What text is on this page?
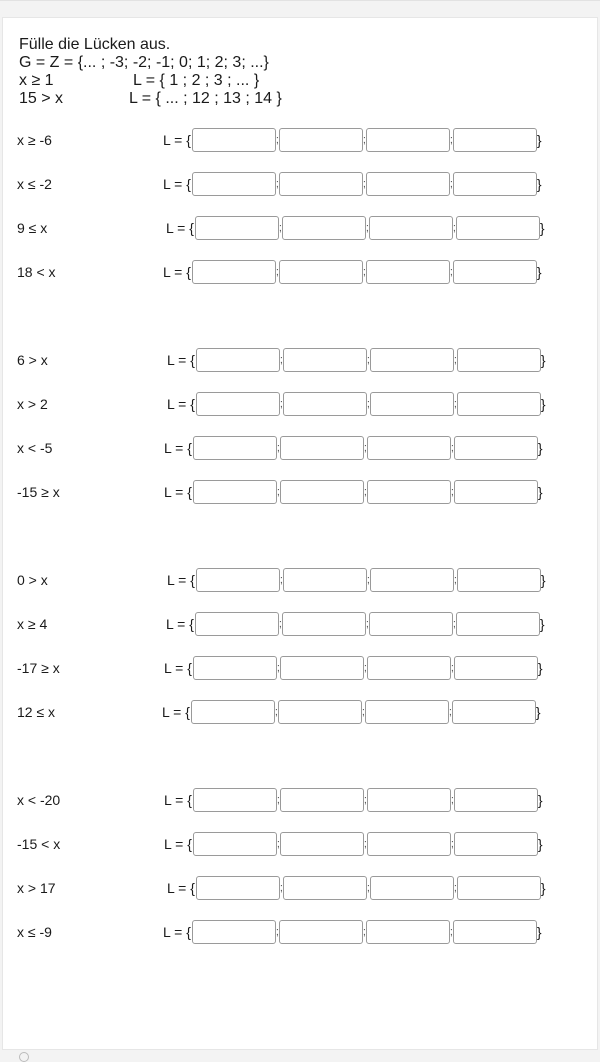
Fülle die Lücken aus.
G = Z = {... ; -3; -2; -1; 0; 1; 2; 3; ...}
x ≥ 1	L = { 1 ; 2 ; 3 ; ... }
15 > x	L = { ... ; 12 ; 13 ; 14 }
x ≥ -6	L = {	;	;	;	}
x ≤ -2	L = {	;	;	;	}
9 ≤ x	L = {	;	;	;	}
18 < x	L = {	;	;	;	}
6 > x	L = {	;	;	;	}
x > 2	L = {	;	;	;	}
x < -5	L = {	;	;	;	}
-15 ≥ x	L = {	;	;	;	}
0 > x	L = {	;	;	;	}
x ≥ 4	L = {	;	;	;	}
-17 ≥ x	L = {	;	;	;	}
12 ≤ x	L = {	;	;	;	}
x < -20	L = {	;	;	;	}
-15 < x	L = {	;	;	;	}
x > 17	L = {	;	;	;	}
x ≤ -9	L = {	;	;	;	}
